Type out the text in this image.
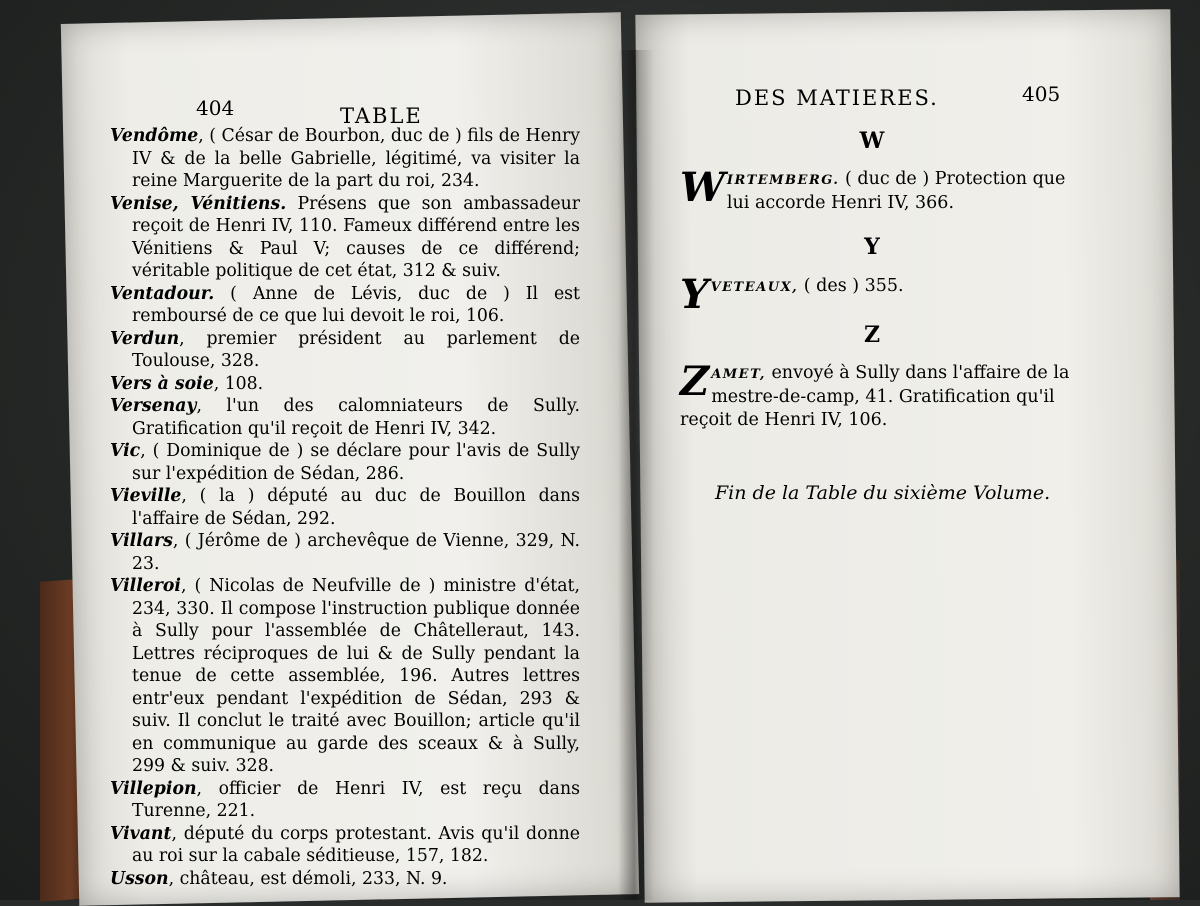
404	TABLE

Vendôme, ( César de Bourbon, duc de ) fils de Henry IV & de la belle Gabrielle, légitimé, va visiter la reine Marguerite de la part du roi, 234.

Venise, Vénitiens. Présens que son ambassadeur reçoit de Henri IV, 110. Fameux différend entre les Vénitiens & Paul V; causes de ce différend; véritable politique de cet état, 312 & suiv.

Ventadour. ( Anne de Lévis, duc de ) Il est remboursé de ce que lui devoit le roi, 106.

Verdun, premier président au parlement de Toulouse, 328.

Vers à soie, 108.

Versenay, l'un des calomniateurs de Sully. Gratification qu'il reçoit de Henri IV, 342.

Vic, ( Dominique de ) se déclare pour l'avis de Sully sur l'expédition de Sédan, 286.

Vieville, ( la ) député au duc de Bouillon dans l'affaire de Sédan, 292.

Villars, ( Jérôme de ) archevêque de Vienne, 329, N. 23.

Villeroi, ( Nicolas de Neufville de ) ministre d'état, 234, 330. Il compose l'instruction publique donnée à Sully pour l'assemblée de Châtelleraut, 143. Lettres réciproques de lui & de Sully pendant la tenue de cette assemblée, 196. Autres lettres entr'eux pendant l'expédition de Sédan, 293 & suiv. Il conclut le traité avec Bouillon; article qu'il en communique au garde des sceaux & à Sully, 299 & suiv. 328.

Villepion, officier de Henri IV, est reçu dans Turenne, 221.

Vivant, député du corps protestant. Avis qu'il donne au roi sur la cabale séditieuse, 157, 182.

Usson, château, est démoli, 233, N. 9.

DES MATIERES.	405
W
WIRTEMBERG. ( duc de ) Protection que lui accorde Henri IV, 366.
Y
YVETEAUX, ( des ) 355.
Z
ZAMET, envoyé à Sully dans l'affaire de la mestre-de-camp, 41. Gratification qu'il reçoit de Henri IV, 106.
Fin de la Table du sixième Volume.
